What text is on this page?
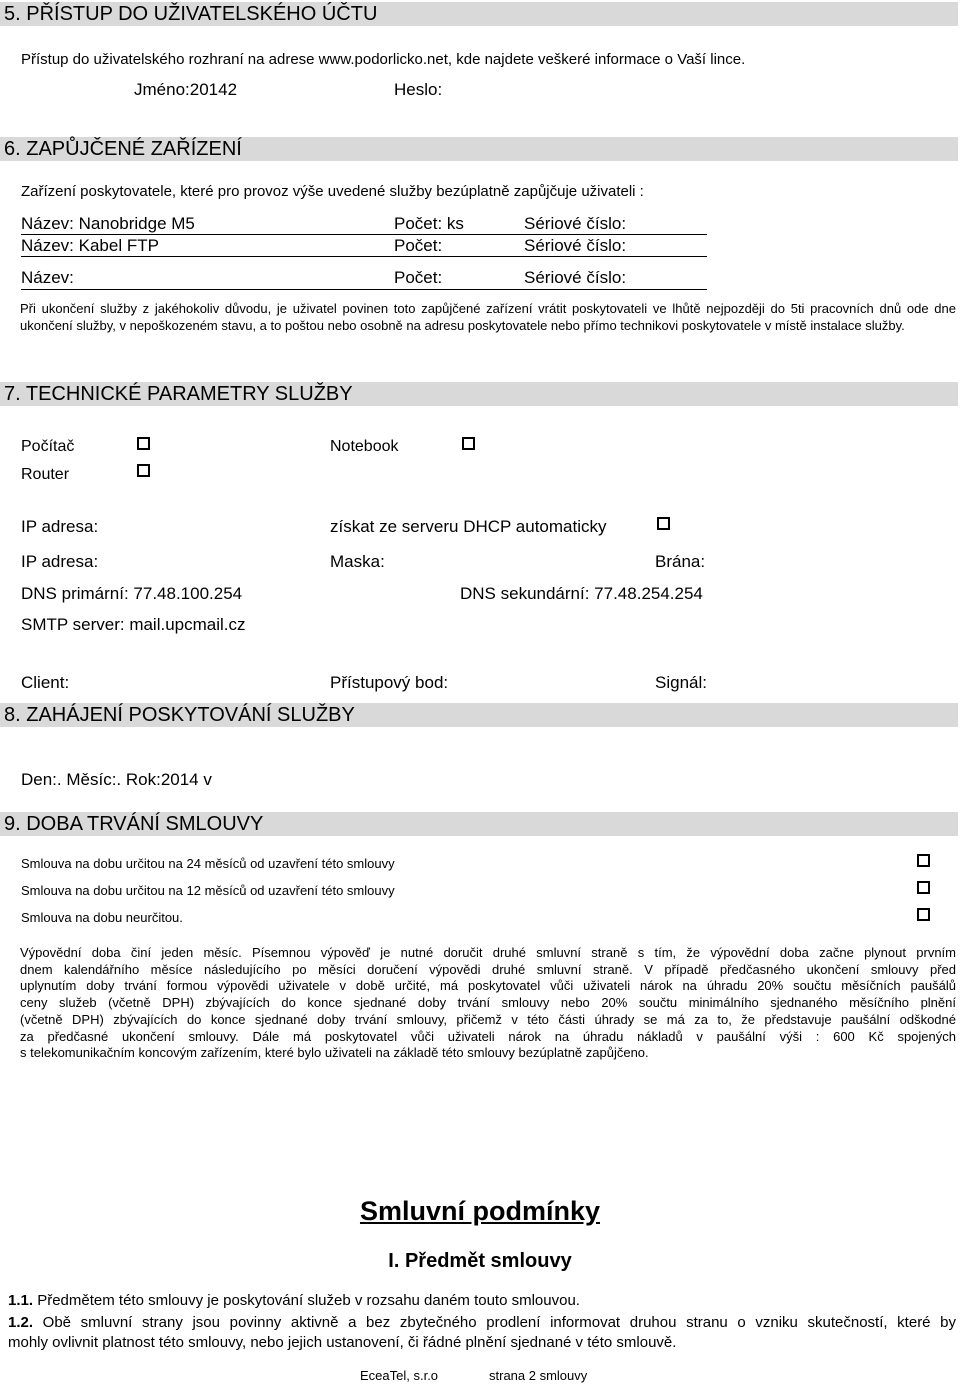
5. PŘÍSTUP DO UŽIVATELSKÉHO ÚČTU
Přístup do uživatelského rozhraní na adrese www.podorlicko.net, kde najdete veškeré informace o Vaší lince.
Jméno:20142	Heslo:
6. ZAPŮJČENÉ ZAŘÍZENÍ
Zařízení poskytovatele, které pro provoz výše uvedené služby bezúplatně zapůjčuje uživateli :
Název: Nanobridge M5	Počet: ks	Sériové číslo:
Název: Kabel FTP	Počet:	Sériové číslo:
Název:	Počet:	Sériové číslo:
Při ukončení služby z jakéhokoliv důvodu, je uživatel povinen toto zapůjčené zařízení vrátit poskytovateli ve lhůtě nejpozději do 5ti pracovních dnů ode dne ukončení služby, v nepoškozeném stavu, a to poštou nebo osobně na adresu poskytovatele nebo přímo technikovi poskytovatele v místě instalace služby.
7. TECHNICKÉ PARAMETRY SLUŽBY
Počítač	Notebook
Router
IP adresa:	získat ze serveru DHCP automaticky
IP adresa:	Maska:	Brána:
DNS primární: 77.48.100.254	DNS sekundární: 77.48.254.254
SMTP server: mail.upcmail.cz
Client:	Přístupový bod:	Signál:
8. ZAHÁJENÍ POSKYTOVÁNÍ SLUŽBY
Den:. Měsíc:. Rok:2014 v
9. DOBA TRVÁNÍ SMLOUVY
Smlouva na dobu určitou na 24 měsíců od uzavření této smlouvy
Smlouva na dobu určitou na 12 měsíců od uzavření této smlouvy
Smlouva na dobu neurčitou.
Výpovědní doba činí jeden měsíc. Písemnou výpověď je nutné doručit druhé smluvní straně s tím, že výpovědní doba začne plynout prvním
dnem kalendářního měsíce následujícího po měsíci doručení výpovědi druhé smluvní straně. V případě předčasného ukončení smlouvy před
uplynutím doby trvání formou výpovědi uživatele v době určité, má poskytovatel vůči uživateli nárok na úhradu 20% součtu měsíčních paušálů
ceny služeb (včetně DPH) zbývajících do konce sjednané doby trvání smlouvy nebo 20% součtu minimálního sjednaného měsíčního plnění
(včetně DPH) zbývajících do konce sjednané doby trvání smlouvy, přičemž v této části úhrady se má za to, že představuje paušální odškodné
za předčasné ukončení smlouvy. Dále má poskytovatel vůči uživateli nárok na úhradu nákladů v paušální výši : 600 Kč spojených
s telekomunikačním koncovým zařízením, které bylo uživateli na základě této smlouvy bezúplatně zapůjčeno.
Smluvní podmínky
I. Předmět smlouvy
1.1. Předmětem této smlouvy je poskytování služeb v rozsahu daném touto smlouvou.
1.2. Obě smluvní strany jsou povinny aktivně a bez zbytečného prodlení informovat druhou stranu o vzniku skutečností, které by
mohly ovlivnit platnost této smlouvy, nebo jejich ustanovení, či řádné plnění sjednané v této smlouvě.
EceaTel, s.r.o	strana 2 smlouvy
